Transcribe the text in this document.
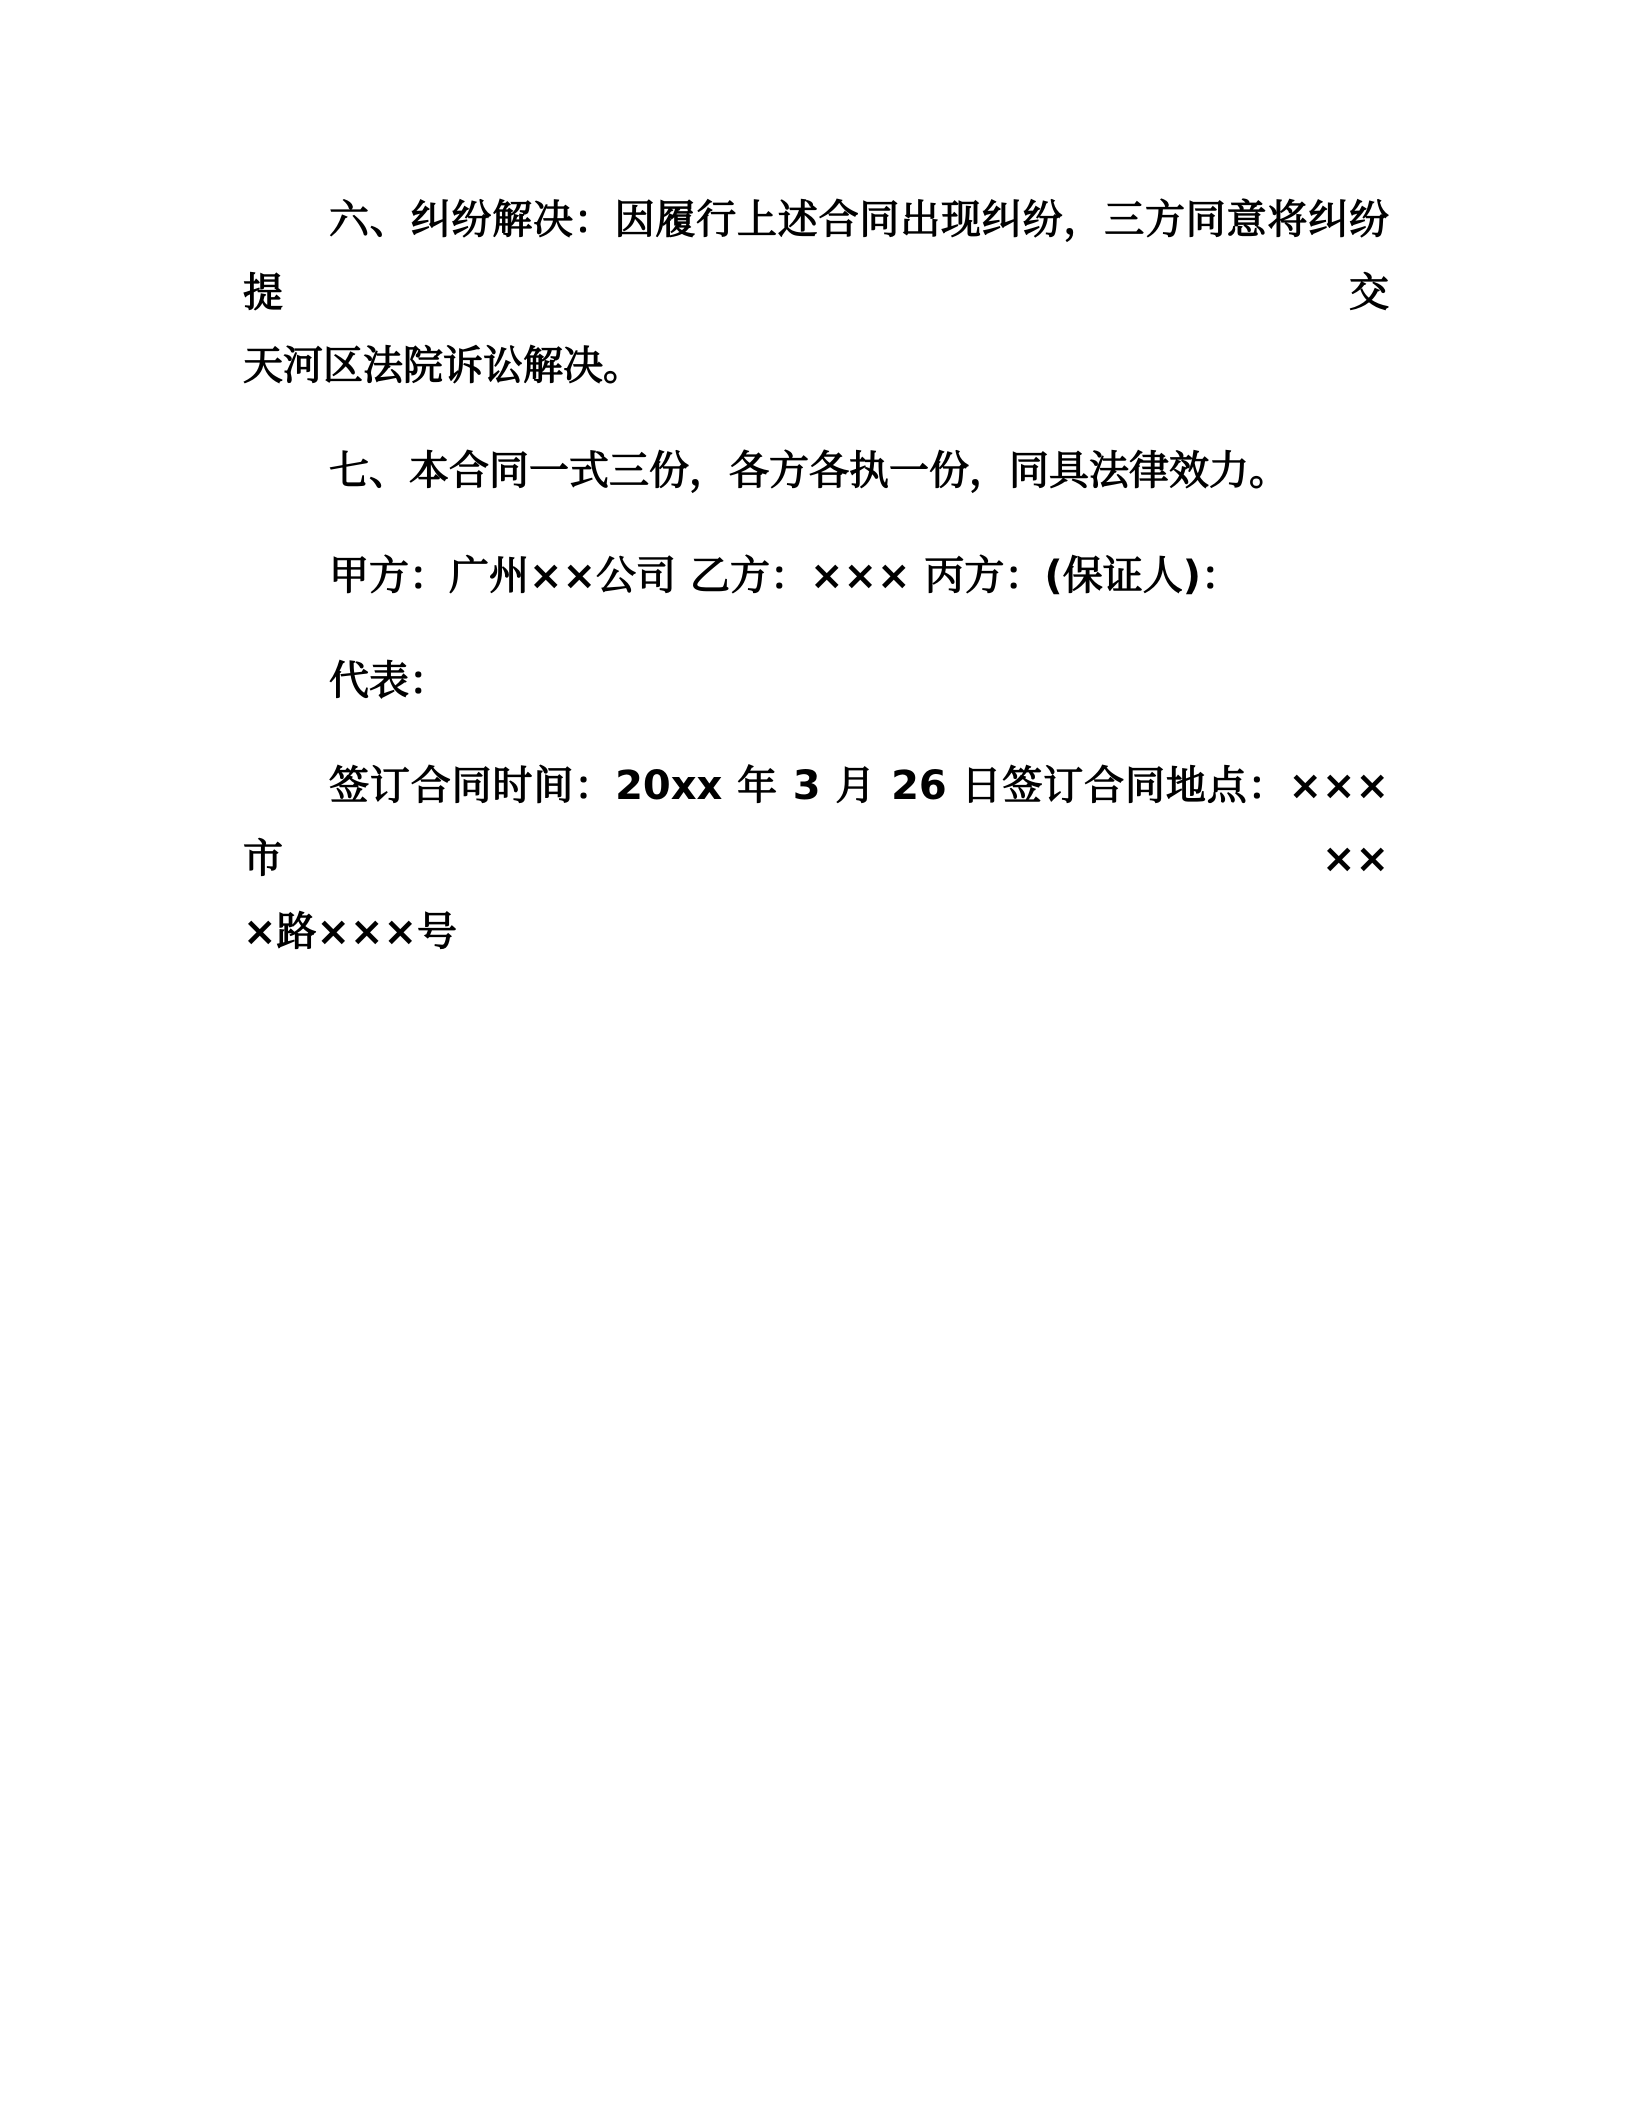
六、纠纷解决：因履行上述合同出现纠纷，三方同意将纠纷提交
天河区法院诉讼解决。
七、本合同一式三份，各方各执一份，同具法律效力。
甲方：广州××公司 乙方：××× 丙方：(保证人)：
代表：
签订合同时间：20xx 年 3 月 26 日签订合同地点：×××市××
×路×××号
